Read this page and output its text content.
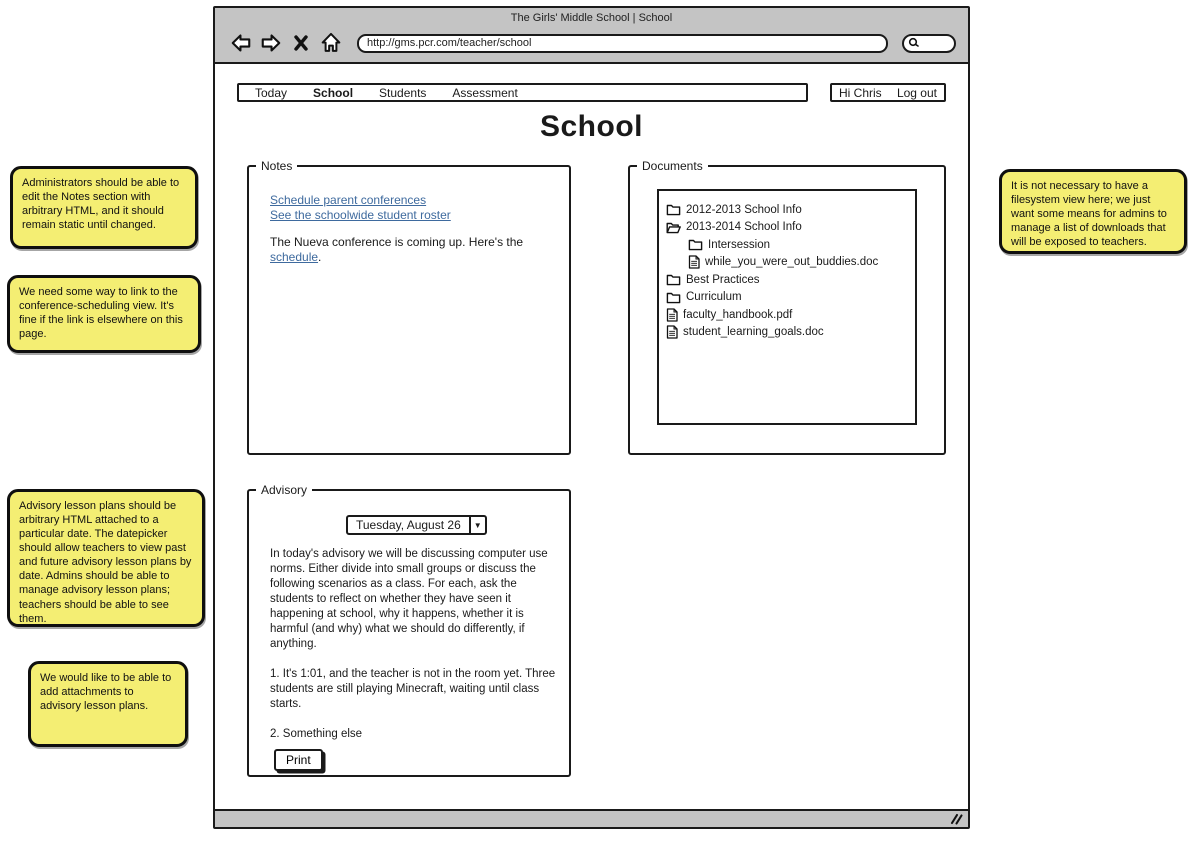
Administrators should be able to edit the Notes section with arbitrary HTML, and it should remain static until changed.
We need some way to link to the conference-scheduling view. It's fine if the link is elsewhere on this page.
Advisory lesson plans should be arbitrary HTML attached to a particular date. The datepicker should allow teachers to view past and future advisory lesson plans by date. Admins should be able to manage advisory lesson plans; teachers should be able to see them.
We would like to be able to add attachments to advisory lesson plans.
It is not necessary to have a filesystem view here; we just want some means for admins to manage a list of downloads that will be exposed to teachers.
The Girls' Middle School | School
http://gms.pcr.com/teacher/school
Today School Students Assessment	Hi Chris Log out
School
Notes
Schedule parent conferences
See the schoolwide student roster
The Nueva conference is coming up. Here's the schedule.
Documents
2012-2013 School Info
2013-2014 School Info
Intersession
while_you_were_out_buddies.doc
Best Practices
Curriculum
faculty_handbook.pdf
student_learning_goals.doc
Advisory
Tuesday, August 26	▼

In today's advisory we will be discussing computer use norms. Either divide into small groups or discuss the following scenarios as a class. For each, ask the students to reflect on whether they have seen it happening at school, why it happens, whether it is harmful (and why) what we should do differently, if anything.

1. It's 1:01, and the teacher is not in the room yet. Three students are still playing Minecraft, waiting until class starts.

2. Something else

Print
